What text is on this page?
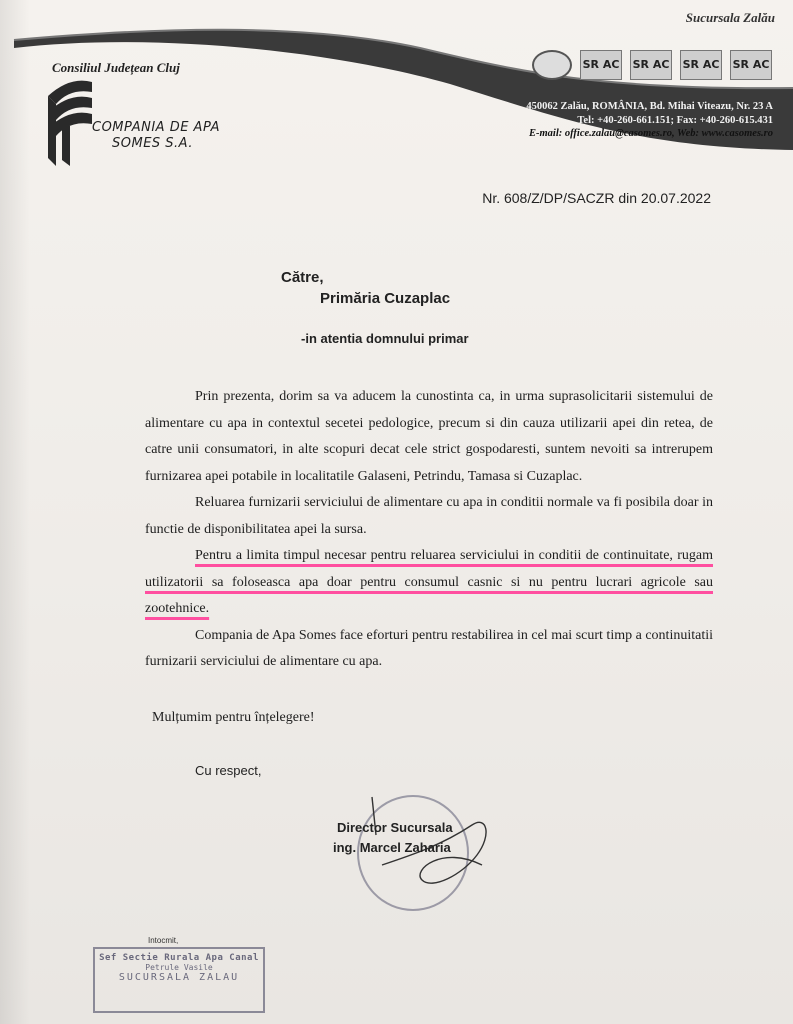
Sucursala Zalău
Consiliul Județean Cluj
COMPANIA DE APA
SOMES S.A.
SR AC SR AC SR AC SR AC
450062 Zalău, ROMÂNIA, Bd. Mihai Viteazu, Nr. 23 A
Tel: +40-260-661.151; Fax: +40-260-615.431
E-mail: office.zalau@casomes.ro, Web: www.casomes.ro
Nr. 608/Z/DP/SACZR din 20.07.2022
Către,
Primăria Cuzaplac
-in atentia domnului primar

Prin prezenta, dorim sa va aducem la cunostinta ca, in urma suprasolicitarii sistemului de alimentare cu apa in contextul secetei pedologice, precum si din cauza utilizarii apei din retea, de catre unii consumatori, in alte scopuri decat cele strict gospodaresti, suntem nevoiti sa intrerupem furnizarea apei potabile in localitatile Galaseni, Petrindu, Tamasa si Cuzaplac.

Reluarea furnizarii serviciului de alimentare cu apa in conditii normale va fi posibila doar in functie de disponibilitatea apei la sursa.

Pentru a limita timpul necesar pentru reluarea serviciului in conditii de continuitate, rugam utilizatorii sa foloseasca apa doar pentru consumul casnic si nu pentru lucrari agricole sau zootehnice.

Compania de Apa Somes face eforturi pentru restabilirea in cel mai scurt timp a continuitatii furnizarii serviciului de alimentare cu apa.

Mulțumim pentru înțelegere!
Cu respect,
Director Sucursala
ing. Marcel Zaharia
Intocmit,
Sef Sectie Rurala Apa Canal
Petrule Vasile
SUCURSALA ZALAU
